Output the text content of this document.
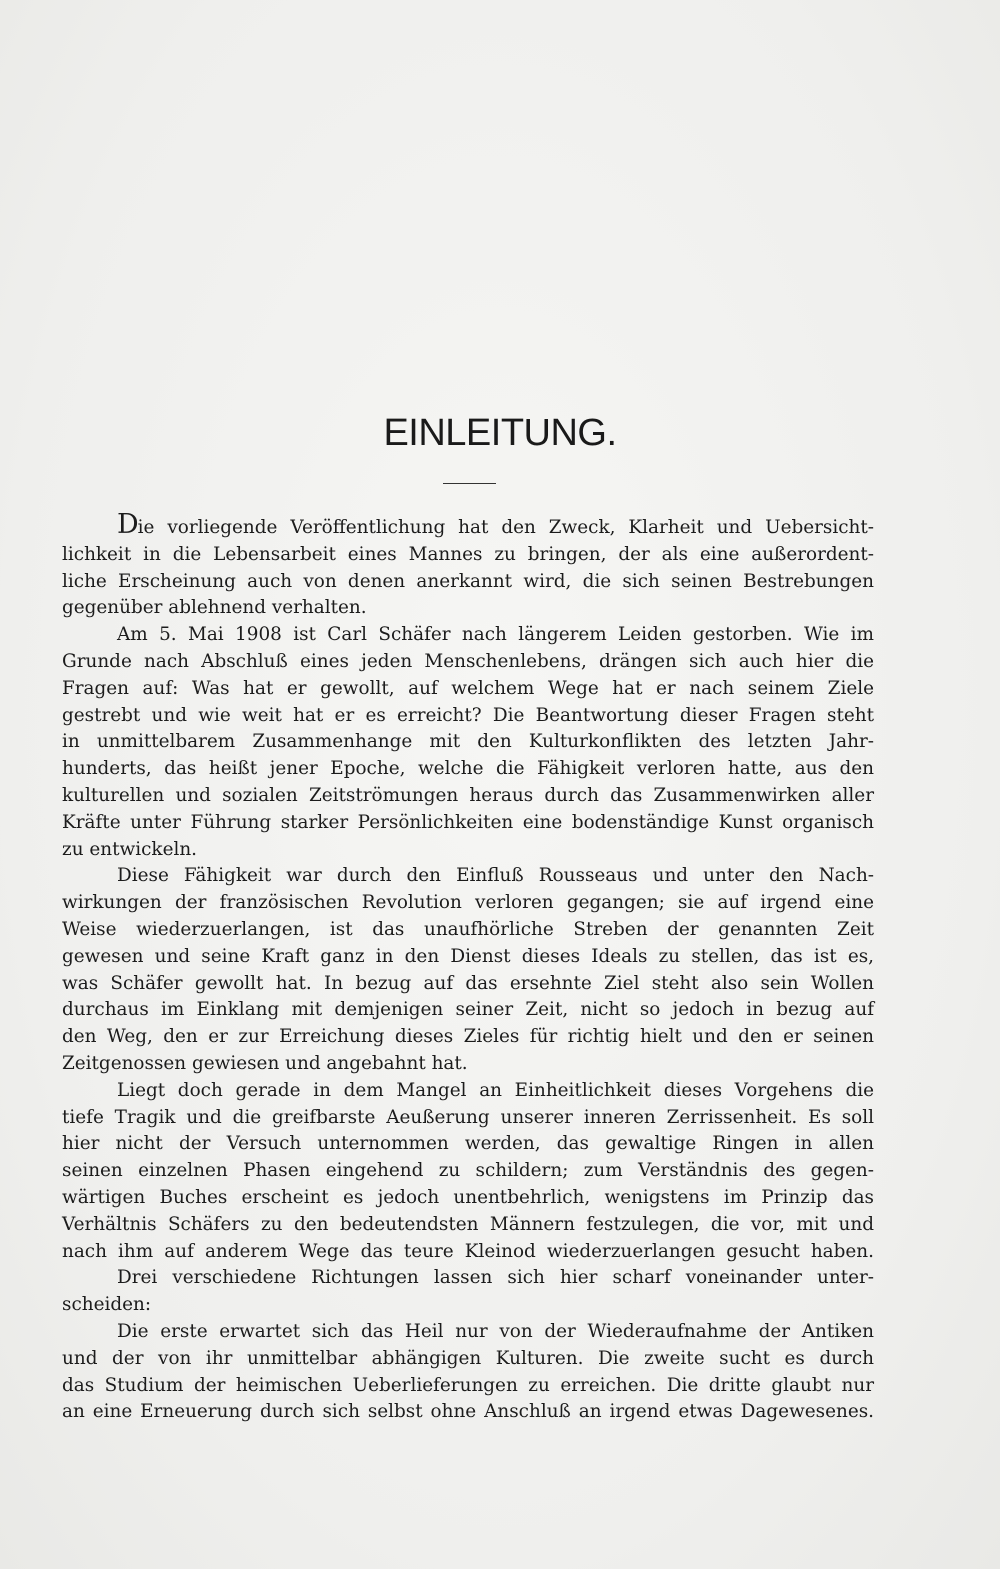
EINLEITUNG.
Die vorliegende Veröffentlichung hat den Zweck, Klarheit und Uebersicht-
lichkeit in die Lebensarbeit eines Mannes zu bringen, der als eine außerordent-
liche Erscheinung auch von denen anerkannt wird, die sich seinen Bestrebungen
gegenüber ablehnend verhalten.
Am 5. Mai 1908 ist Carl Schäfer nach längerem Leiden gestorben. Wie im
Grunde nach Abschluß eines jeden Menschenlebens, drängen sich auch hier die
Fragen auf: Was hat er gewollt, auf welchem Wege hat er nach seinem Ziele
gestrebt und wie weit hat er es erreicht? Die Beantwortung dieser Fragen steht
in unmittelbarem Zusammenhange mit den Kulturkonflikten des letzten Jahr-
hunderts, das heißt jener Epoche, welche die Fähigkeit verloren hatte, aus den
kulturellen und sozialen Zeitströmungen heraus durch das Zusammenwirken aller
Kräfte unter Führung starker Persönlichkeiten eine bodenständige Kunst organisch
zu entwickeln.
Diese Fähigkeit war durch den Einfluß Rousseaus und unter den Nach-
wirkungen der französischen Revolution verloren gegangen; sie auf irgend eine
Weise wiederzuerlangen, ist das unaufhörliche Streben der genannten Zeit
gewesen und seine Kraft ganz in den Dienst dieses Ideals zu stellen, das ist es,
was Schäfer gewollt hat. In bezug auf das ersehnte Ziel steht also sein Wollen
durchaus im Einklang mit demjenigen seiner Zeit, nicht so jedoch in bezug auf
den Weg, den er zur Erreichung dieses Zieles für richtig hielt und den er seinen
Zeitgenossen gewiesen und angebahnt hat.
Liegt doch gerade in dem Mangel an Einheitlichkeit dieses Vorgehens die
tiefe Tragik und die greifbarste Aeußerung unserer inneren Zerrissenheit. Es soll
hier nicht der Versuch unternommen werden, das gewaltige Ringen in allen
seinen einzelnen Phasen eingehend zu schildern; zum Verständnis des gegen-
wärtigen Buches erscheint es jedoch unentbehrlich, wenigstens im Prinzip das
Verhältnis Schäfers zu den bedeutendsten Männern festzulegen, die vor, mit und
nach ihm auf anderem Wege das teure Kleinod wiederzuerlangen gesucht haben.
Drei verschiedene Richtungen lassen sich hier scharf voneinander unter-
scheiden:
Die erste erwartet sich das Heil nur von der Wiederaufnahme der Antiken
und der von ihr unmittelbar abhängigen Kulturen. Die zweite sucht es durch
das Studium der heimischen Ueberlieferungen zu erreichen. Die dritte glaubt nur
an eine Erneuerung durch sich selbst ohne Anschluß an irgend etwas Dagewesenes.
